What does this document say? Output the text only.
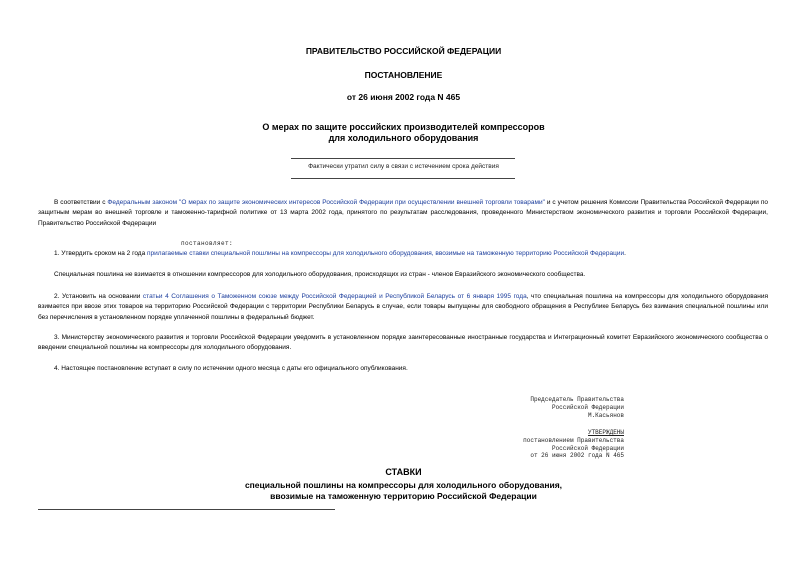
ПРАВИТЕЛЬСТВО РОССИЙСКОЙ ФЕДЕРАЦИИ
ПОСТАНОВЛЕНИЕ
от 26 июня 2002 года N 465
О мерах по защите российских производителей компрессоров
для холодильного оборудования
Фактически утратил силу в связи с истечением срока действия
В соответствии с Федеральным законом "О мерах по защите экономических интересов Российской Федерации при осуществлении внешней торговли товарами" и с учетом решения Комиссии Правительства Российской Федерации по защитным мерам во внешней торговле и таможенно-тарифной политике от 13 марта 2002 года, принятого по результатам расследования, проведенного Министерством экономического развития и торговли Российской Федерации, Правительство Российской Федерации
постановляет:
1. Утвердить сроком на 2 года прилагаемые ставки специальной пошлины на компрессоры для холодильного оборудования, ввозимые на таможенную территорию Российской Федерации.
Специальная пошлина не взимается в отношении компрессоров для холодильного оборудования, происходящих из стран - членов Евразийского экономического сообщества.
2. Установить на основании статьи 4 Соглашения о Таможенном союзе между Российской Федерацией и Республикой Беларусь от 6 января 1995 года, что специальная пошлина на компрессоры для холодильного оборудования взимается при ввозе этих товаров на территорию Российской Федерации с территории Республики Беларусь в случае, если товары выпущены для свободного обращения в Республике Беларусь без взимания специальной пошлины или без перечисления в установленном порядке уплаченной пошлины в федеральный бюджет.
3. Министерству экономического развития и торговли Российской Федерации уведомить в установленном порядке заинтересованные иностранные государства и Интеграционный комитет Евразийского экономического сообщества о введении специальной пошлины на компрессоры для холодильного оборудования.
4. Настоящее постановление вступает в силу по истечении одного месяца с даты его официального опубликования.
Председатель Правительства
Российской Федерации
М.Касьянов
УТВЕРЖДЕНЫ
постановлением Правительства
Российской Федерации
от 26 июня 2002 года N 465
СТАВКИ
специальной пошлины на компрессоры для холодильного оборудования,
ввозимые на таможенную территорию Российской Федерации
